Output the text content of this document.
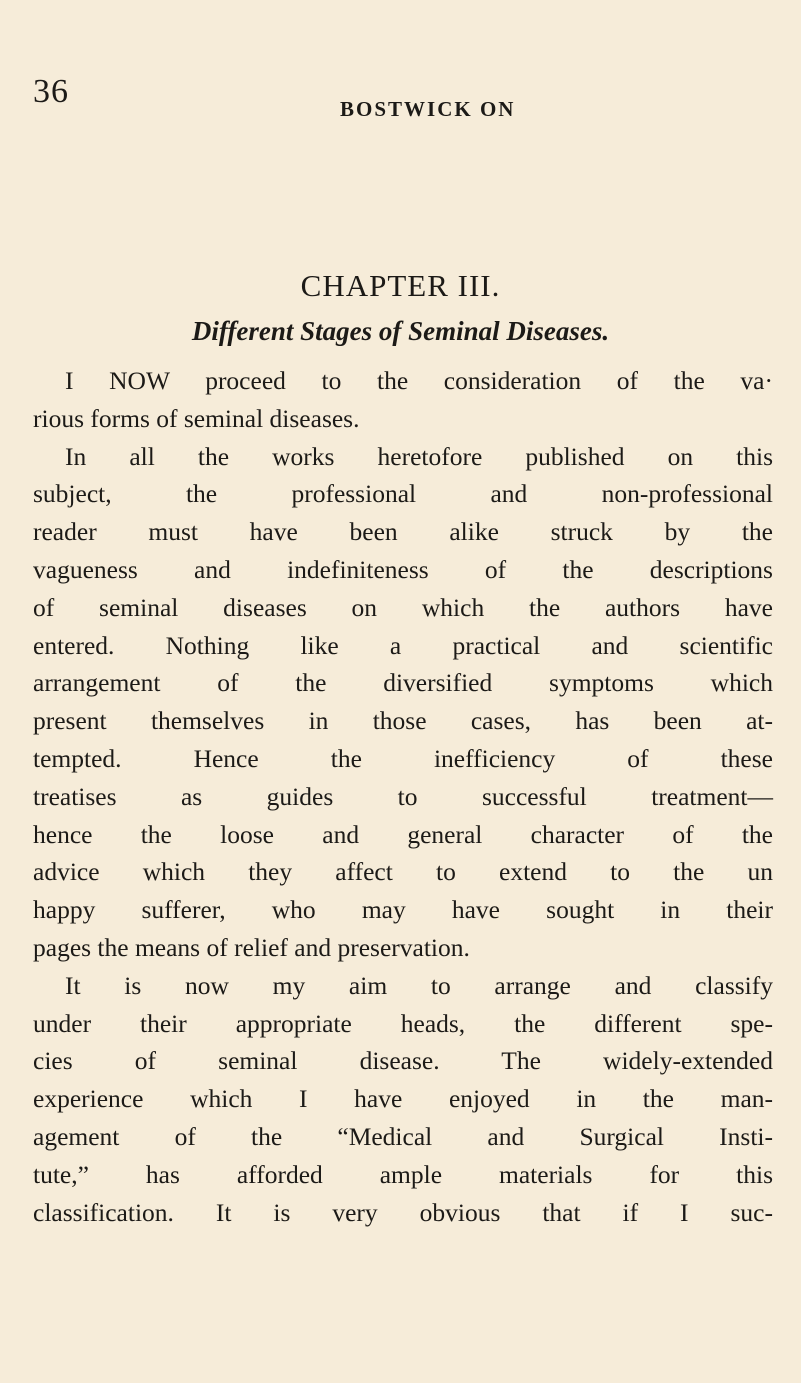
36	BOSTWICK ON
CHAPTER III.
Different Stages of Seminal Diseases.
I NOW proceed to the consideration of the va·
rious forms of seminal diseases.
In all the works heretofore published on this
subject, the professional and non-professional
reader must have been alike struck by the
vagueness and indefiniteness of the descriptions
of seminal diseases on which the authors have
entered. Nothing like a practical and scientific
arrangement of the diversified symptoms which
present themselves in those cases, has been at-
tempted. Hence the inefficiency of these
treatises as guides to successful treatment—
hence the loose and general character of the
advice which they affect to extend to the un
happy sufferer, who may have sought in their
pages the means of relief and preservation.
It is now my aim to arrange and classify
under their appropriate heads, the different spe-
cies of seminal disease. The widely-extended
experience which I have enjoyed in the man-
agement of the “Medical and Surgical Insti-
tute,” has afforded ample materials for this
classification. It is very obvious that if I suc-
